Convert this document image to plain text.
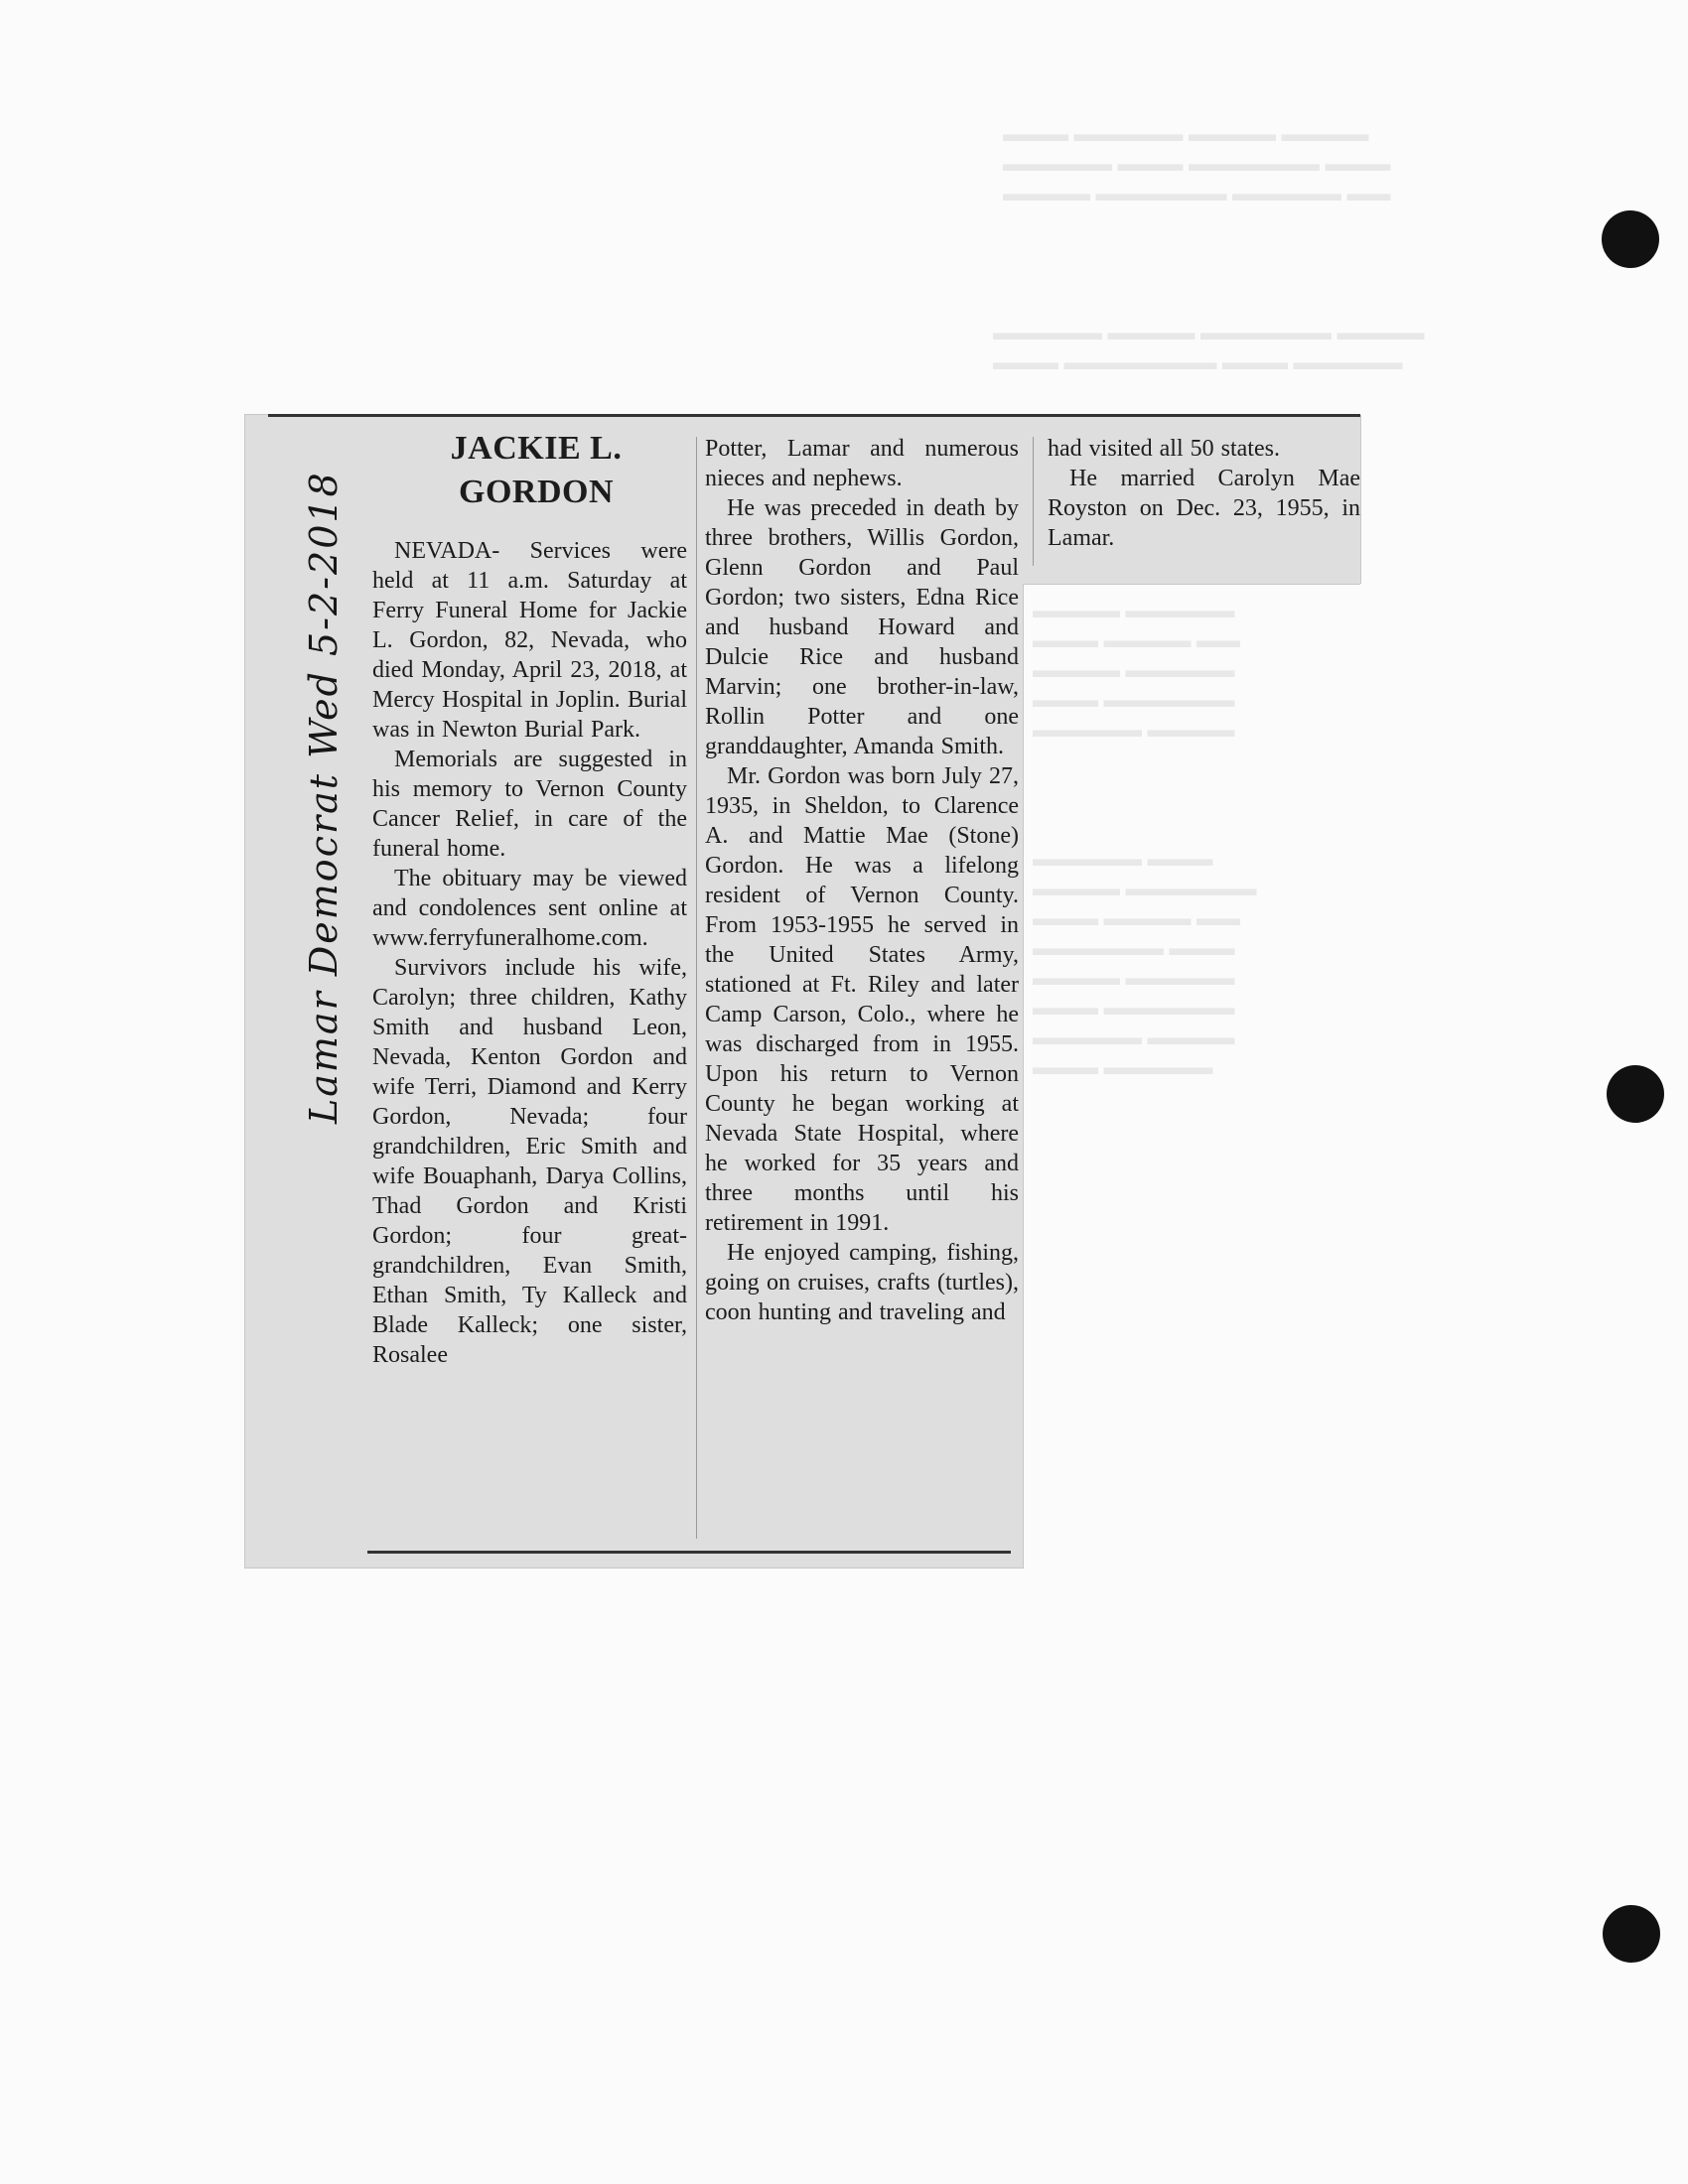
▬▬▬ ▬▬▬▬▬ ▬▬▬▬ ▬▬▬▬
▬▬▬▬▬ ▬▬▬ ▬▬▬▬▬▬ ▬▬▬
▬▬▬▬ ▬▬▬▬▬▬ ▬▬▬▬▬ ▬▬
▬▬▬▬▬ ▬▬▬▬ ▬▬▬▬▬▬ ▬▬▬▬
▬▬▬ ▬▬▬▬▬▬▬ ▬▬▬ ▬▬▬▬▬
▬▬▬▬ ▬▬▬▬▬
▬▬▬ ▬▬▬▬ ▬▬
▬▬▬▬ ▬▬▬▬▬
▬▬▬ ▬▬▬▬▬▬
▬▬▬▬▬ ▬▬▬▬
▬▬▬▬▬ ▬▬▬
▬▬▬▬ ▬▬▬▬▬▬
▬▬▬ ▬▬▬▬ ▬▬
▬▬▬▬▬▬ ▬▬▬
▬▬▬▬ ▬▬▬▬▬
▬▬▬ ▬▬▬▬▬▬
▬▬▬▬▬ ▬▬▬▬
▬▬▬ ▬▬▬▬▬
Lamar Democrat Wed 5-2-2018
JACKIE L.
GORDON

NEVADA- Services were held at 11 a.m. Saturday at Ferry Funeral Home for Jackie L. Gordon, 82, Nevada, who died Monday, April 23, 2018, at Mercy Hospital in Joplin. Burial was in Newton Burial Park.

Memorials are suggested in his memory to Vernon County Cancer Relief, in care of the funeral home.

The obituary may be viewed and condolences sent online at www.ferryfuneralhome.com.

Survivors include his wife, Carolyn; three children, Kathy Smith and husband Leon, Nevada, Kenton Gordon and wife Terri, Diamond and Kerry Gordon, Nevada; four grandchildren, Eric Smith and wife Bouaphanh, Darya Collins, Thad Gordon and Kristi Gordon; four great-grandchildren, Evan Smith, Ethan Smith, Ty Kalleck and Blade Kalleck; one sister, Rosalee

Potter, Lamar and numerous nieces and nephews.

He was preceded in death by three brothers, Willis Gordon, Glenn Gordon and Paul Gordon; two sisters, Edna Rice and husband Howard and Dulcie Rice and husband Marvin; one brother-in-law, Rollin Potter and one granddaughter, Amanda Smith.

Mr. Gordon was born July 27, 1935, in Sheldon, to Clarence A. and Mattie Mae (Stone) Gordon. He was a lifelong resident of Vernon County. From 1953-1955 he served in the United States Army, stationed at Ft. Riley and later Camp Carson, Colo., where he was discharged from in 1955. Upon his return to Vernon County he began working at Nevada State Hospital, where he worked for 35 years and three months until his retirement in 1991.

He enjoyed camping, fishing, going on cruises, crafts (turtles), coon hunting and traveling and

had visited all 50 states.

He married Carolyn Mae Royston on Dec. 23, 1955, in Lamar.
